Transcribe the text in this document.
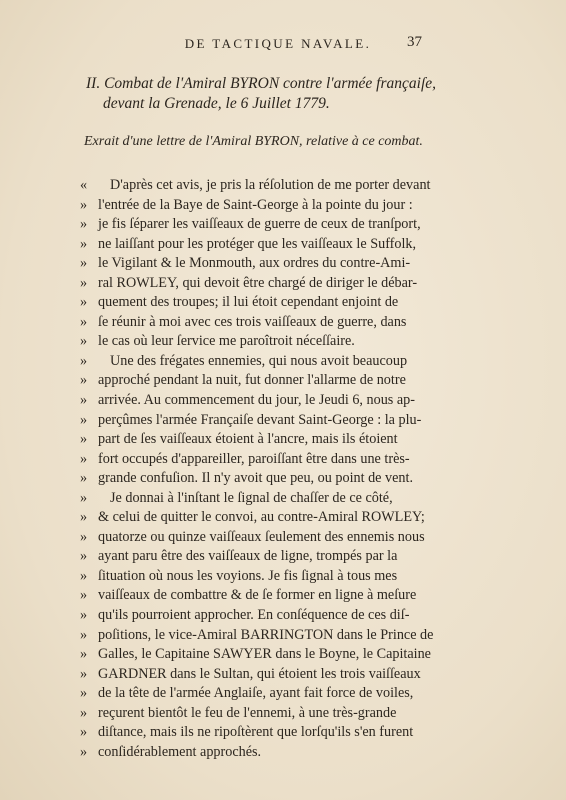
DE TACTIQUE NAVALE.	37
II. Combat de l'Amiral BYRON contre l'armée françaiſe,
devant la Grenade, le 6 Juillet 1779.
Exrait d'une lettre de l'Amiral BYRON, relative à ce combat.
«	D'après cet avis, je pris la réſolution de me porter devant
» l'entrée de la Baye de Saint-George à la pointe du jour :
» je fis ſéparer les vaiſſeaux de guerre de ceux de tranſport,
» ne laiſſant pour les protéger que les vaiſſeaux le Suffolk,
» le Vigilant & le Monmouth, aux ordres du contre-Ami-
» ral ROWLEY, qui devoit être chargé de diriger le débar-
» quement des troupes; il lui étoit cependant enjoint de
» ſe réunir à moi avec ces trois vaiſſeaux de guerre, dans
» le cas où leur ſervice me paroîtroit néceſſaire.
»	Une des frégates ennemies, qui nous avoit beaucoup
» approché pendant la nuit, fut donner l'allarme de notre
» arrivée. Au commencement du jour, le Jeudi 6, nous ap-
» perçûmes l'armée Françaiſe devant Saint-George : la plu-
» part de ſes vaiſſeaux étoient à l'ancre, mais ils étoient
» fort occupés d'appareiller, paroiſſant être dans une très-
» grande confuſion. Il n'y avoit que peu, ou point de vent.
»	Je donnai à l'inſtant le ſignal de chaſſer de ce côté,
» & celui de quitter le convoi, au contre-Amiral ROWLEY;
» quatorze ou quinze vaiſſeaux ſeulement des ennemis nous
» ayant paru être des vaiſſeaux de ligne, trompés par la
» ſituation où nous les voyions. Je fis ſignal à tous mes
» vaiſſeaux de combattre & de ſe former en ligne à meſure
» qu'ils pourroient approcher. En conſéquence de ces diſ-
» poſitions, le vice-Amiral BARRINGTON dans le Prince de
» Galles, le Capitaine SAWYER dans le Boyne, le Capitaine
» GARDNER dans le Sultan, qui étoient les trois vaiſſeaux
» de la tête de l'armée Anglaiſe, ayant fait force de voiles,
» reçurent bientôt le feu de l'ennemi, à une très-grande
» diſtance, mais ils ne ripoſtèrent que lorſqu'ils s'en furent
» conſidérablement approchés.
